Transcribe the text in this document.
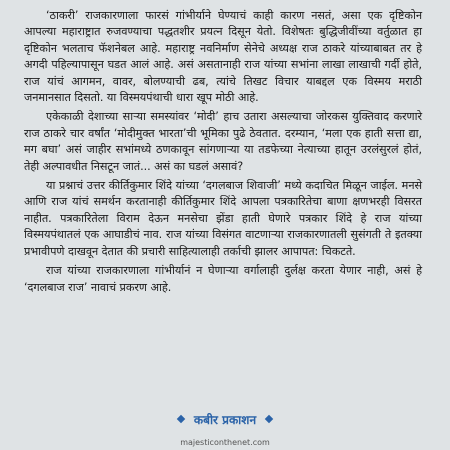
‘ठाकरी’ राजकारणाला फारसं गांभीर्याने घेण्याचं काही कारण नसतं, असा एक दृष्टिकोन आपल्या महाराष्ट्रात रुजवण्याचा पद्धतशीर प्रयत्न दिसून येतो. विशेषतः बुद्धिजीवींच्या वर्तुळात हा दृष्टिकोन भलताच फॅशनेबल आहे. महाराष्ट्र नवनिर्माण सेनेचे अध्यक्ष राज ठाकरे यांच्याबाबत तर हे अगदी पहिल्यापासून घडत आलं आहे. असं असतानाही राज यांच्या सभांना लाखा लाखाची गर्दी होते, राज यांचं आगमन, वावर, बोलण्याची ढब, त्यांचे तिखट विचार याबद्दल एक विस्मय मराठी जनमानसात दिसतो. या विस्मयपंथाची धारा खूप मोठी आहे.

एकेकाळी देशाच्या साऱ्या समस्यांवर ‘मोदी’ हाच उतारा असल्याचा जोरकस युक्तिवाद करणारे राज ठाकरे चार वर्षांत ‘मोदीमुक्त भारता’ची भूमिका पुढे ठेवतात. दरम्यान, ‘मला एक हाती सत्ता द्या, मग बघा’ असं जाहीर सभांमध्ये ठणकावून सांगणाऱ्या या तडफेच्या नेत्याच्या हातून उरलंसुरलं होतं, तेही अल्पावधीत निसटून जातं... असं का घडलं असावं?

या प्रश्नाचं उत्तर कीर्तिकुमार शिंदे यांच्या ‘दगलबाज शिवाजी’ मध्ये कदाचित मिळून जाईल. मनसे आणि राज यांचं समर्थन करतानाही कीर्तिकुमार शिंदे आपला पत्रकारितेचा बाणा क्षणभरही विसरत नाहीत. पत्रकारितेला विराम देऊन मनसेचा झेंडा हाती घेणारे पत्रकार शिंदे हे राज यांच्या विस्मयपंथातलं एक आघाडीचं नाव. राज यांच्या विसंगत वाटणाऱ्या राजकारणातली सुसंगती ते इतक्या प्रभावीपणे दाखवून देतात की प्रचारी साहित्यालाही तर्काची झालर आपापत: चिकटते.

राज यांच्या राजकारणाला गांभीर्यानं न घेणाऱ्या वर्गालाही दुर्लक्ष करता येणार नाही, असं हे ‘दगलबाज राज’ नावाचं प्रकरण आहे.

कबीर प्रकाशन
majesticonthenet.com
